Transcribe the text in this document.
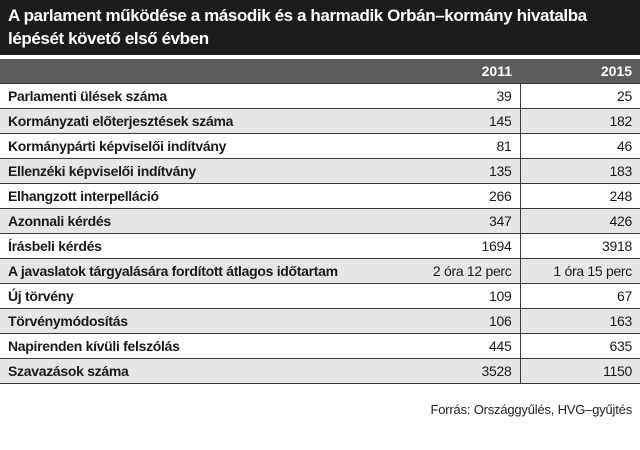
A parlament működése a második és a harmadik Orbán–kormány hivatalba
lépését követő első évben
	2011	2015
Parlamenti ülések száma	39	25
Kormányzati előterjesztések száma	145	182
Kormánypárti képviselői indítvány	81	46
Ellenzéki képviselői indítvány	135	183
Elhangzott interpelláció	266	248
Azonnali kérdés	347	426
Írásbeli kérdés	1694	3918
A javaslatok tárgyalására fordított átlagos időtartam	2 óra 12 perc	1 óra 15 perc
Új törvény	109	67
Törvénymódosítás	106	163
Napirenden kívüli felszólás	445	635
Szavazások száma	3528	1150
Forrás: Országgyűlés, HVG–gyűjtés
